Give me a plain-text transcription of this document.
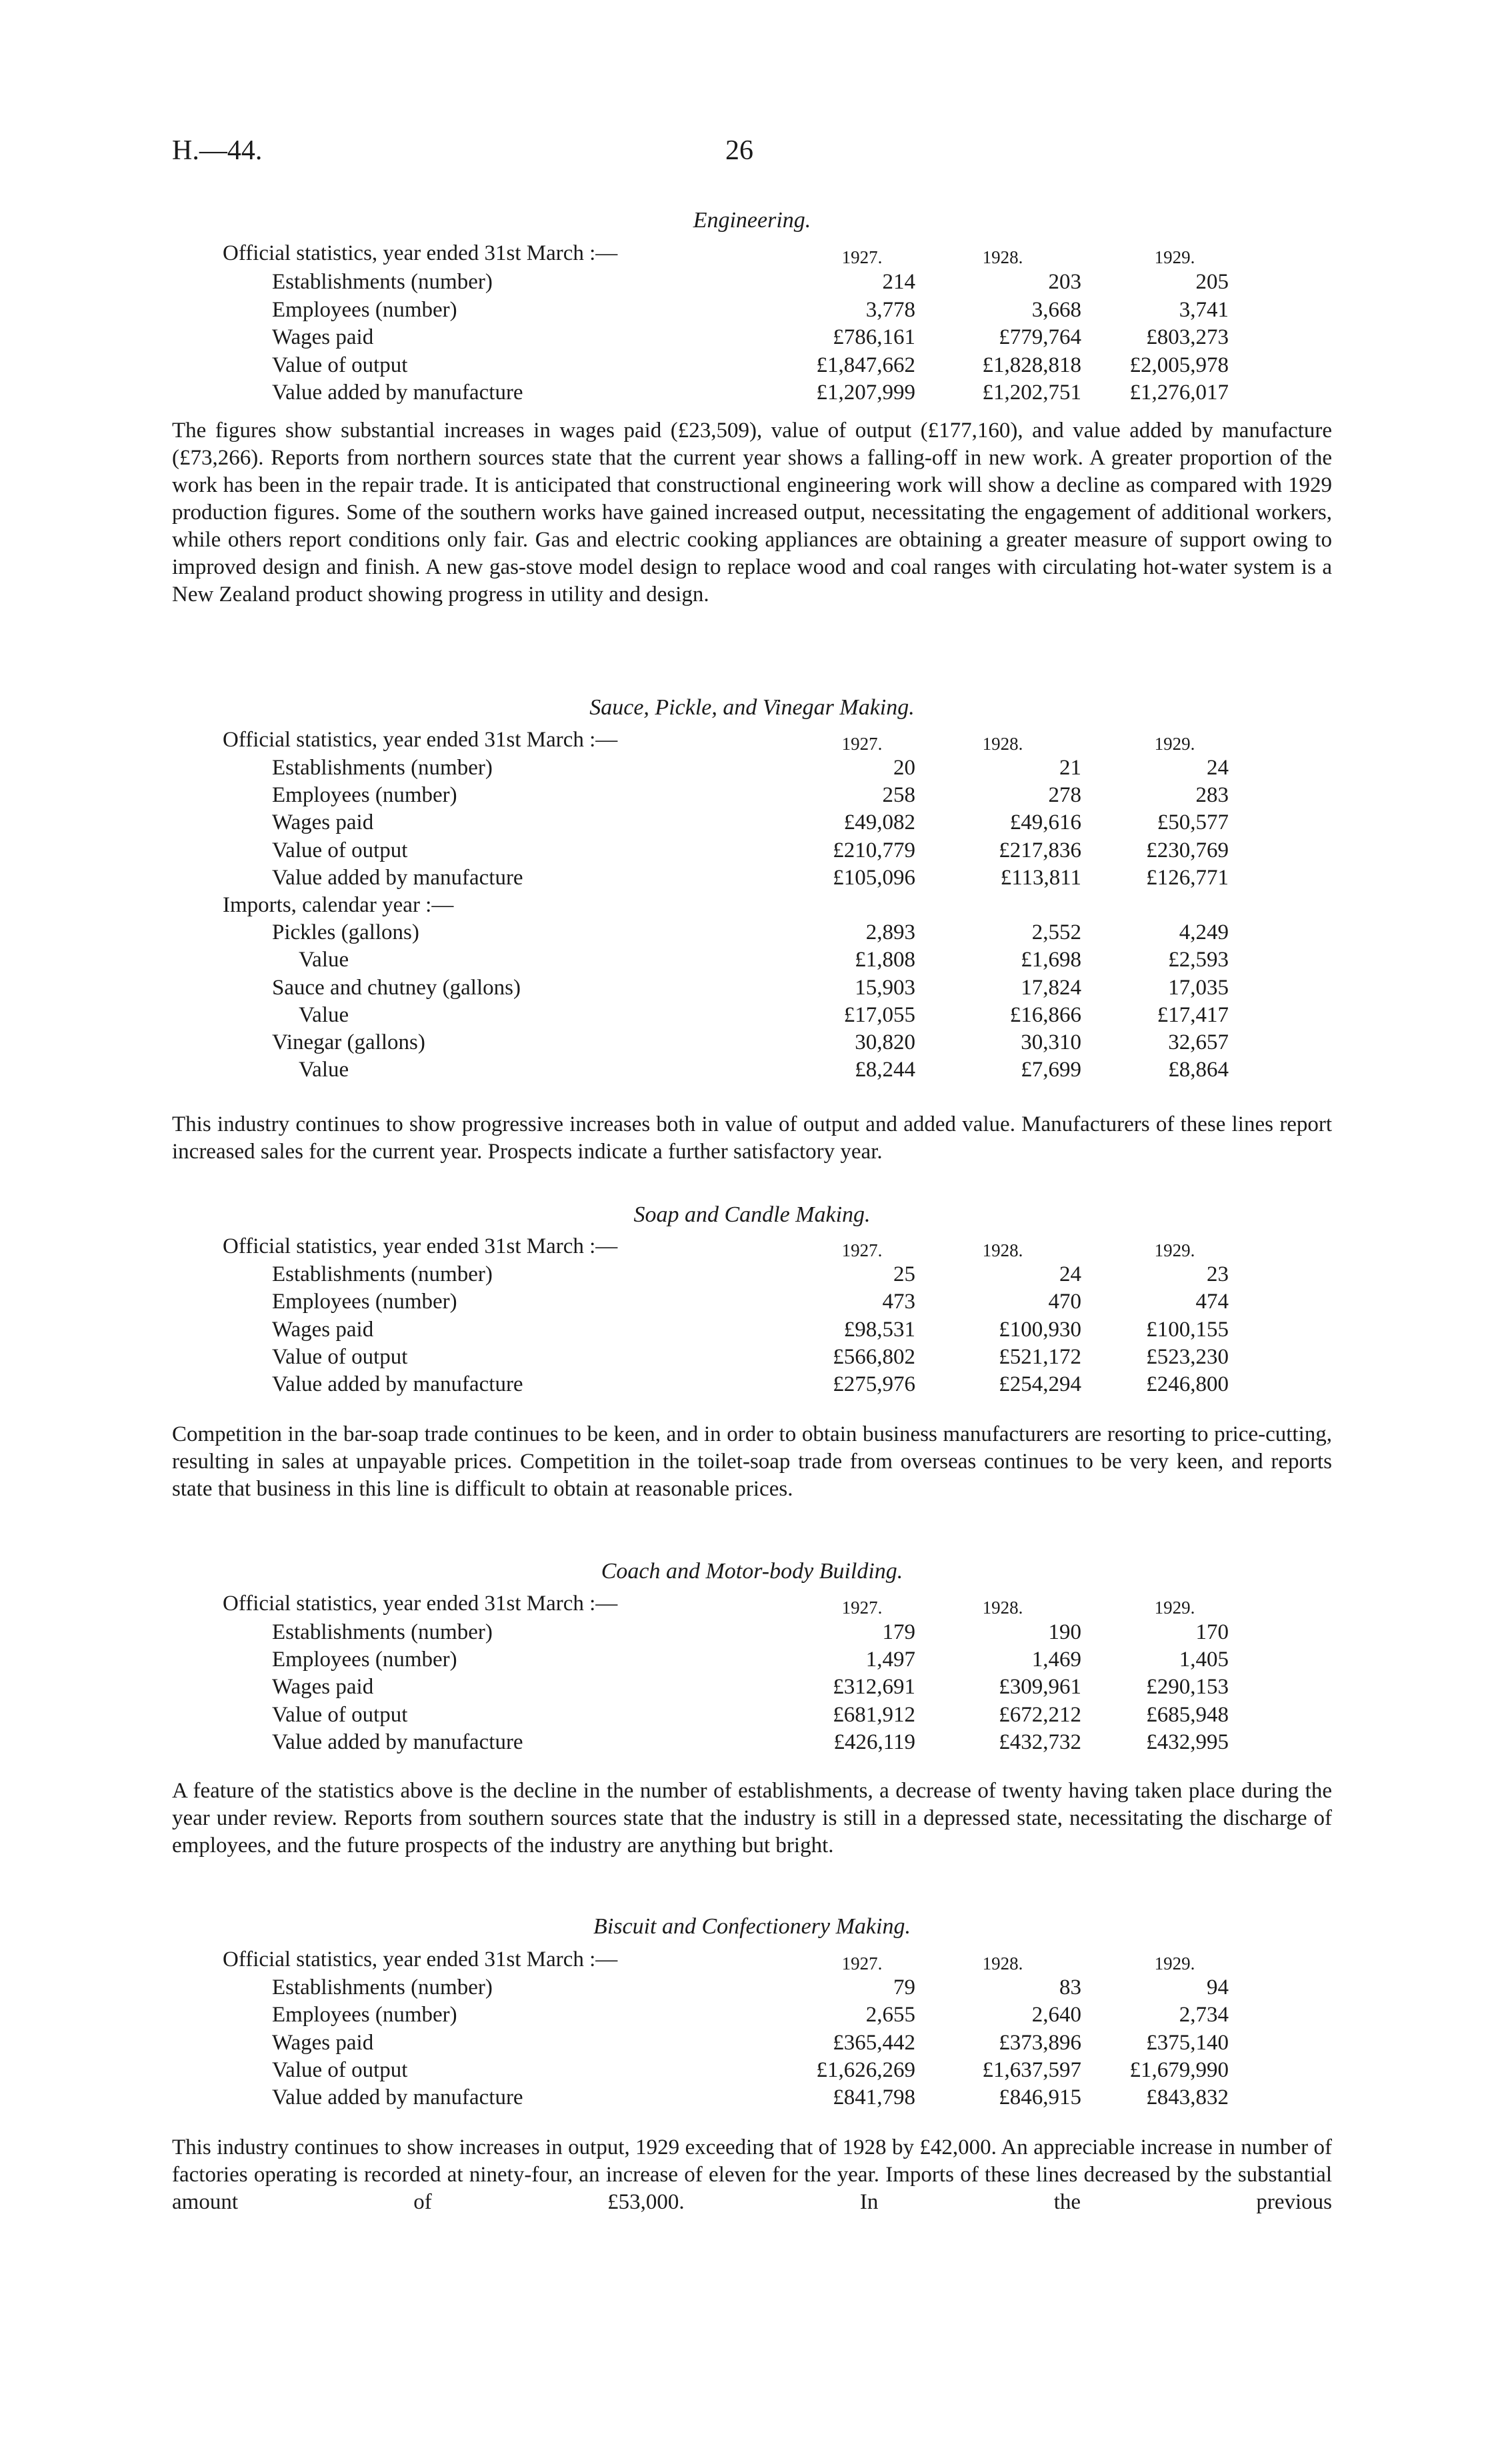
H.—44.	26
Engineering.
Official statistics, year ended 31st March :—	1927.	1928.	1929.
Establishments (number)	214	203	205
Employees (number)	3,778	3,668	3,741
Wages paid	£786,161	£779,764	£803,273
Value of output	£1,847,662	£1,828,818	£2,005,978
Value added by manufacture	£1,207,999	£1,202,751	£1,276,017
The figures show substantial increases in wages paid (£23,509), value of output (£177,160), and value added by manufacture (£73,266). Reports from northern sources state that the current year shows a falling-off in new work. A greater proportion of the work has been in the repair trade. It is anticipated that constructional engineering work will show a decline as compared with 1929 production figures. Some of the southern works have gained increased output, necessitating the engagement of additional workers, while others report conditions only fair. Gas and electric cooking appliances are obtaining a greater measure of support owing to improved design and finish. A new gas-stove model design to replace wood and coal ranges with circulating hot-water system is a New Zealand product showing progress in utility and design.
Sauce, Pickle, and Vinegar Making.
Official statistics, year ended 31st March :—	1927.	1928.	1929.
Establishments (number)	20	21	24
Employees (number)	258	278	283
Wages paid	£49,082	£49,616	£50,577
Value of output	£210,779	£217,836	£230,769
Value added by manufacture	£105,096	£113,811	£126,771
Imports, calendar year :—
Pickles (gallons)	2,893	2,552	4,249
Value	£1,808	£1,698	£2,593
Sauce and chutney (gallons)	15,903	17,824	17,035
Value	£17,055	£16,866	£17,417
Vinegar (gallons)	30,820	30,310	32,657
Value	£8,244	£7,699	£8,864
This industry continues to show progressive increases both in value of output and added value. Manufacturers of these lines report increased sales for the current year. Prospects indicate a further satisfactory year.
Soap and Candle Making.
Official statistics, year ended 31st March :—	1927.	1928.	1929.
Establishments (number)	25	24	23
Employees (number)	473	470	474
Wages paid	£98,531	£100,930	£100,155
Value of output	£566,802	£521,172	£523,230
Value added by manufacture	£275,976	£254,294	£246,800
Competition in the bar-soap trade continues to be keen, and in order to obtain business manufacturers are resorting to price-cutting, resulting in sales at unpayable prices. Competition in the toilet-soap trade from overseas continues to be very keen, and reports state that business in this line is difficult to obtain at reasonable prices.
Coach and Motor-body Building.
Official statistics, year ended 31st March :—	1927.	1928.	1929.
Establishments (number)	179	190	170
Employees (number)	1,497	1,469	1,405
Wages paid	£312,691	£309,961	£290,153
Value of output	£681,912	£672,212	£685,948
Value added by manufacture	£426,119	£432,732	£432,995
A feature of the statistics above is the decline in the number of establishments, a decrease of twenty having taken place during the year under review. Reports from southern sources state that the industry is still in a depressed state, necessitating the discharge of employees, and the future prospects of the industry are anything but bright.
Biscuit and Confectionery Making.
Official statistics, year ended 31st March :—	1927.	1928.	1929.
Establishments (number)	79	83	94
Employees (number)	2,655	2,640	2,734
Wages paid	£365,442	£373,896	£375,140
Value of output	£1,626,269	£1,637,597	£1,679,990
Value added by manufacture	£841,798	£846,915	£843,832
This industry continues to show increases in output, 1929 exceeding that of 1928 by £42,000. An appreciable increase in number of factories operating is recorded at ninety-four, an increase of eleven for the year. Imports of these lines decreased by the substantial amount of £53,000. In the previous
